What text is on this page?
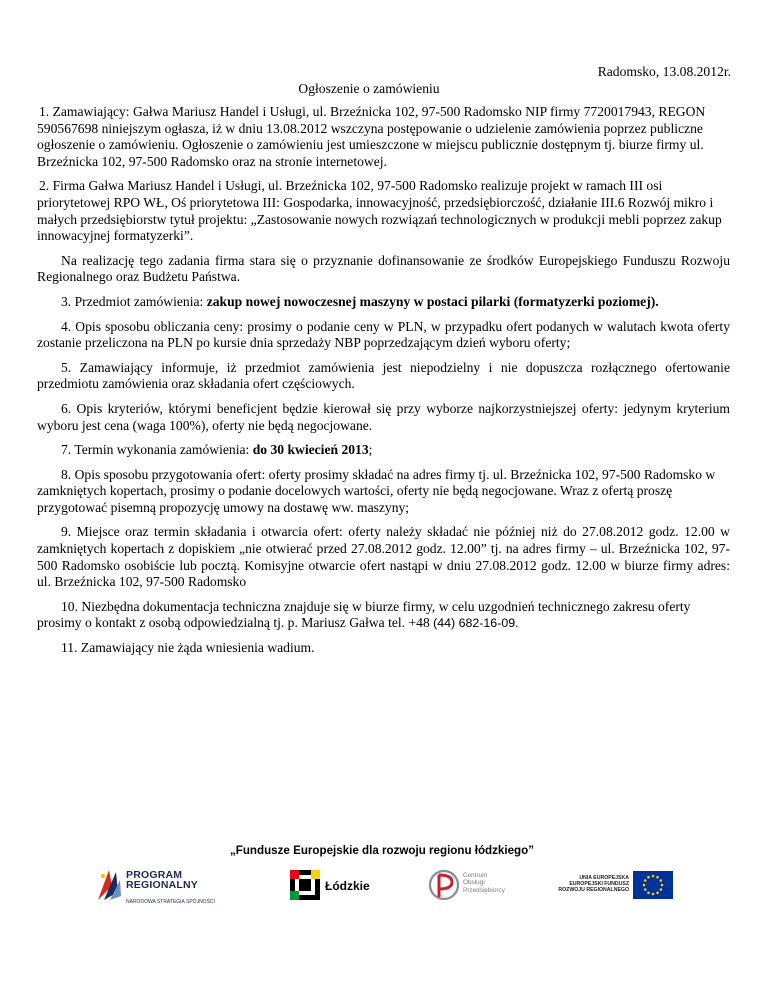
Radomsko, 13.08.2012r.
Ogłoszenie o zamówieniu

1. Zamawiający: Gałwa Mariusz Handel i Usługi, ul. Brzeźnicka 102, 97-500 Radomsko NIP firmy 7720017943, REGON 590567698 niniejszym ogłasza, iż w dniu 13.08.2012 wszczyna postępowanie o udzielenie zamówienia poprzez publiczne ogłoszenie o zamówieniu. Ogłoszenie o zamówieniu jest umieszczone w miejscu publicznie dostępnym tj. biurze firmy ul. Brzeźnicka 102, 97-500 Radomsko oraz na stronie internetowej.

2. Firma Gałwa Mariusz Handel i Usługi, ul. Brzeźnicka 102, 97-500 Radomsko realizuje projekt w ramach III osi priorytetowej RPO WŁ, Oś priorytetowa III: Gospodarka, innowacyjność, przedsiębiorczość, działanie III.6 Rozwój mikro i małych przedsiębiorstw tytuł projektu: „Zastosowanie nowych rozwiązań technologicznych w produkcji mebli poprzez zakup innowacyjnej formatyzerki”.

Na realizację tego zadania firma stara się o przyznanie dofinansowanie ze środków Europejskiego Funduszu Rozwoju Regionalnego oraz Budżetu Państwa.

3. Przedmiot zamówienia: zakup nowej nowoczesnej maszyny w postaci pilarki (formatyzerki poziomej).

4. Opis sposobu obliczania ceny: prosimy o podanie ceny w PLN, w przypadku ofert podanych w walutach kwota oferty zostanie przeliczona na PLN po kursie dnia sprzedaży NBP poprzedzającym dzień wyboru oferty;

5. Zamawiający informuje, iż przedmiot zamówienia jest niepodzielny i nie dopuszcza rozłącznego ofertowanie przedmiotu zamówienia oraz składania ofert częściowych.

6. Opis kryteriów, którymi beneficjent będzie kierował się przy wyborze najkorzystniejszej oferty: jedynym kryterium wyboru jest cena (waga 100%), oferty nie będą negocjowane.

7. Termin wykonania zamówienia: do 30 kwiecień 2013;

8. Opis sposobu przygotowania ofert: oferty prosimy składać na adres firmy tj. ul. Brzeźnicka 102, 97-500 Radomsko w zamkniętych kopertach, prosimy o podanie docelowych wartości, oferty nie będą negocjowane. Wraz z ofertą proszę przygotować pisemną propozycję umowy na dostawę ww. maszyny;

9. Miejsce oraz termin składania i otwarcia ofert: oferty należy składać nie później niż do 27.08.2012 godz. 12.00 w zamkniętych kopertach z dopiskiem „nie otwierać przed 27.08.2012 godz. 12.00” tj. na adres firmy – ul. Brzeźnicka 102, 97-500 Radomsko osobiście lub pocztą. Komisyjne otwarcie ofert nastąpi w dniu 27.08.2012 godz. 12.00 w biurze firmy adres: ul. Brzeźnicka 102, 97-500 Radomsko

10. Niezbędna dokumentacja techniczna znajduje się w biurze firmy, w celu uzgodnień technicznego zakresu oferty prosimy o kontakt z osobą odpowiedzialną tj. p. Mariusz Gałwa tel. +48 (44) 682-16-09.

11. Zamawiający nie żąda wniesienia wadium.

„Fundusze Europejskie dla rozwoju regionu łódzkiego”
PROGRAM
REGIONALNY
NARODOWA STRATEGIA SPÓJNOŚCI
Łódzkie
Centrum
Obsługi
Przedsiębiorcy
UNIA EUROPEJSKA
EUROPEJSKI FUNDUSZ
ROZWOJU REGIONALNEGO
